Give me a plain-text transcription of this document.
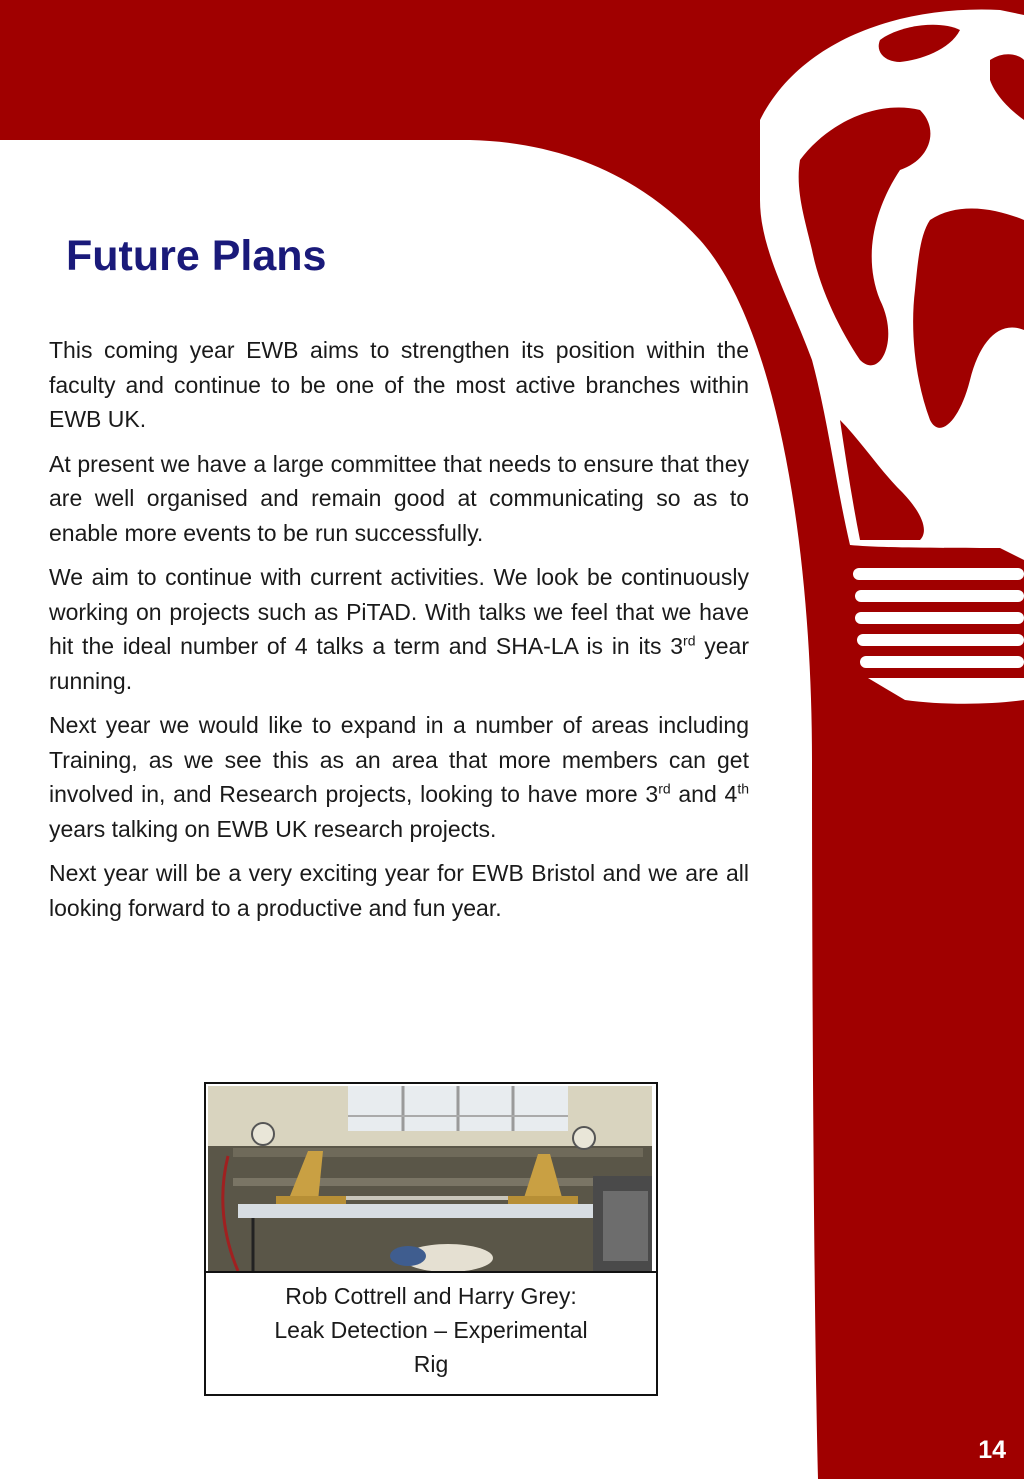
Future Plans

This coming year EWB aims to strengthen its position within the faculty and continue to be one of the most active branches within EWB UK.

At present we have a large committee that needs to ensure that they are well organised and remain good at communicating so as to enable more events to be run successfully.

We aim to continue with current activities. We look be continuously working on projects such as PiTAD. With talks we feel that we have hit the ideal number of 4 talks a term and SHA-LA is in its 3rd year running.

Next year we would like to expand in a number of areas including Training, as we see this as an area that more members can get involved in, and Research projects, looking to have more 3rd and 4th years talking on EWB UK research projects.

Next year will be a very exciting year for EWB Bristol and we are all looking forward to a productive and fun year.

Rob Cottrell and Harry Grey:
Leak Detection – Experimental
Rig
14
